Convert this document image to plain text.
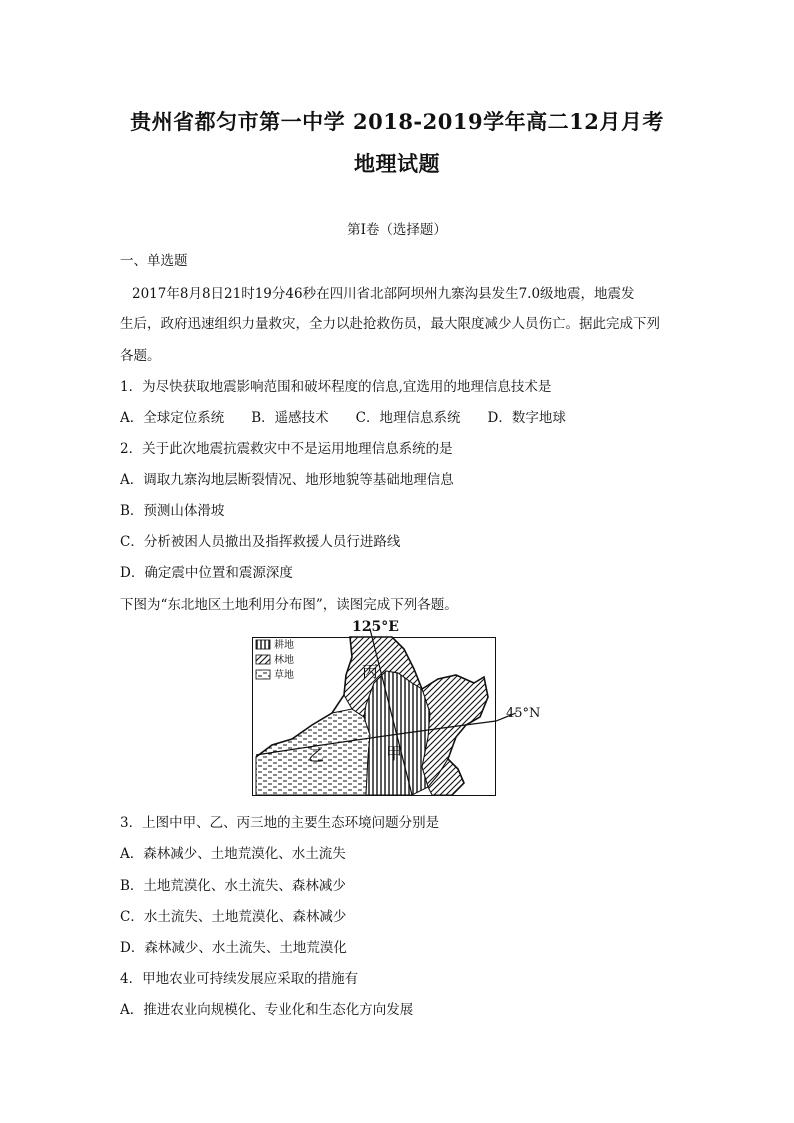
贵州省都匀市第一中学 2018-2019学年高二12月月考
地理试题
第Ⅰ卷（选择题）
一、单选题
2017年8月8日21时19分46秒在四川省北部阿坝州九寨沟县发生7.0级地震，地震发
生后，政府迅速组织力量救灾，全力以赴抢救伤员，最大限度减少人员伤亡。据此完成下列
各题。
1．为尽快获取地震影响范围和破坏程度的信息,宜选用的地理信息技术是
A．全球定位系统　　B．遥感技术　　C．地理信息系统　　D．数字地球
2．关于此次地震抗震救灾中不是运用地理信息系统的是
A．调取九寨沟地层断裂情况、地形地貌等基础地理信息
B．预测山体滑坡
C．分析被困人员撤出及指挥救援人员行进路线
D．确定震中位置和震源深度
下图为“东北地区土地利用分布图”，读图完成下列各题。
耕地
林地
草地
125°E
45°N
丙
乙	甲
3．上图中甲、乙、丙三地的主要生态环境问题分别是
A．森林减少、土地荒漠化、水土流失
B．土地荒漠化、水土流失、森林减少
C．水土流失、土地荒漠化、森林减少
D．森林减少、水土流失、土地荒漠化
4．甲地农业可持续发展应采取的措施有
A．推进农业向规模化、专业化和生态化方向发展
